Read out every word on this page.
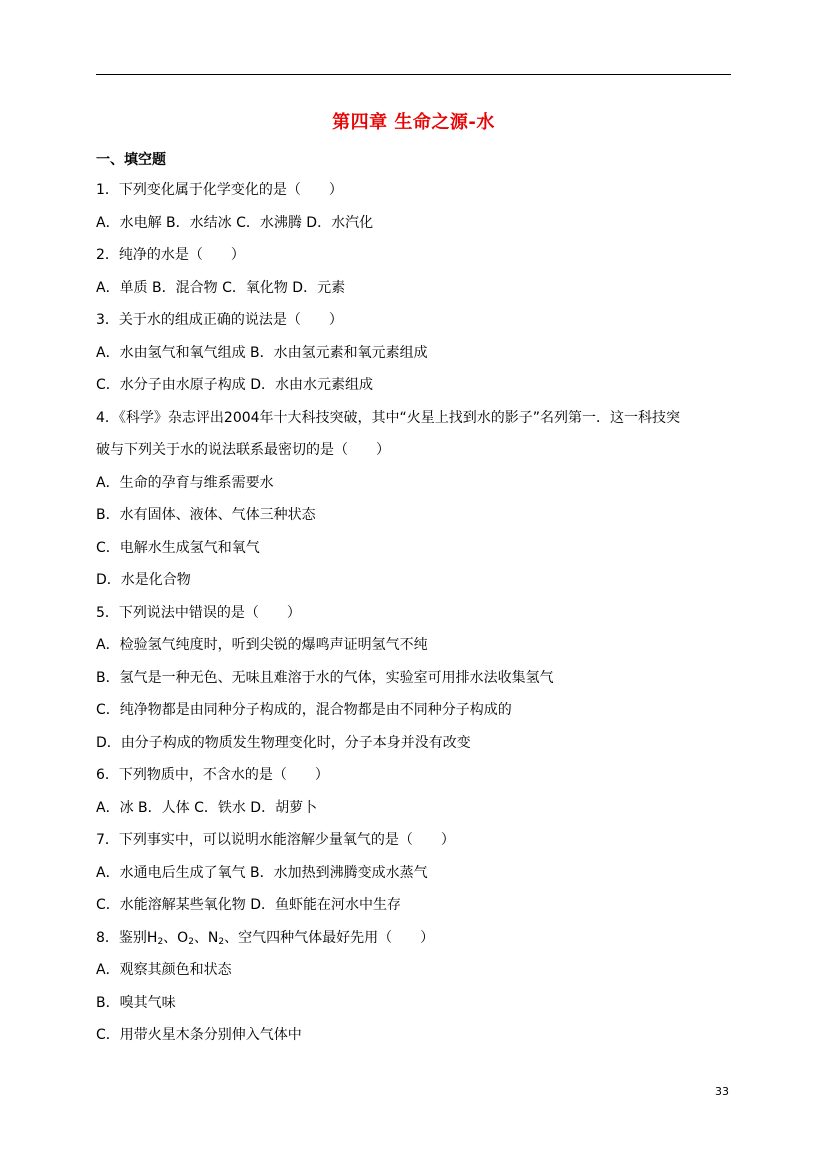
第四章 生命之源-水
一、填空题
1．下列变化属于化学变化的是（　　）
A．水电解 B．水结冰 C．水沸腾 D．水汽化
2．纯净的水是（　　）
A．单质 B．混合物 C．氧化物 D．元素
3．关于水的组成正确的说法是（　　）
A．水由氢气和氧气组成 B．水由氢元素和氧元素组成
C．水分子由水原子构成 D．水由水元素组成
4．《科学》杂志评出2004年十大科技突破，其中“火星上找到水的影子”名列第一．这一科技突
破与下列关于水的说法联系最密切的是（　　）
A．生命的孕育与维系需要水
B．水有固体、液体、气体三种状态
C．电解水生成氢气和氧气
D．水是化合物
5．下列说法中错误的是（　　）
A．检验氢气纯度时，听到尖锐的爆鸣声证明氢气不纯
B．氢气是一种无色、无味且难溶于水的气体，实验室可用排水法收集氢气
C．纯净物都是由同种分子构成的，混合物都是由不同种分子构成的
D．由分子构成的物质发生物理变化时，分子本身并没有改变
6．下列物质中，不含水的是（　　）
A．冰 B．人体 C．铁水 D．胡萝卜
7．下列事实中，可以说明水能溶解少量氧气的是（　　）
A．水通电后生成了氧气 B．水加热到沸腾变成水蒸气
C．水能溶解某些氧化物 D．鱼虾能在河水中生存
8．鉴别$H_2$、$O_2$、$N_2$、空气四种气体最好先用（　　）
A．观察其颜色和状态
B．嗅其气味
C．用带火星木条分别伸入气体中
33
